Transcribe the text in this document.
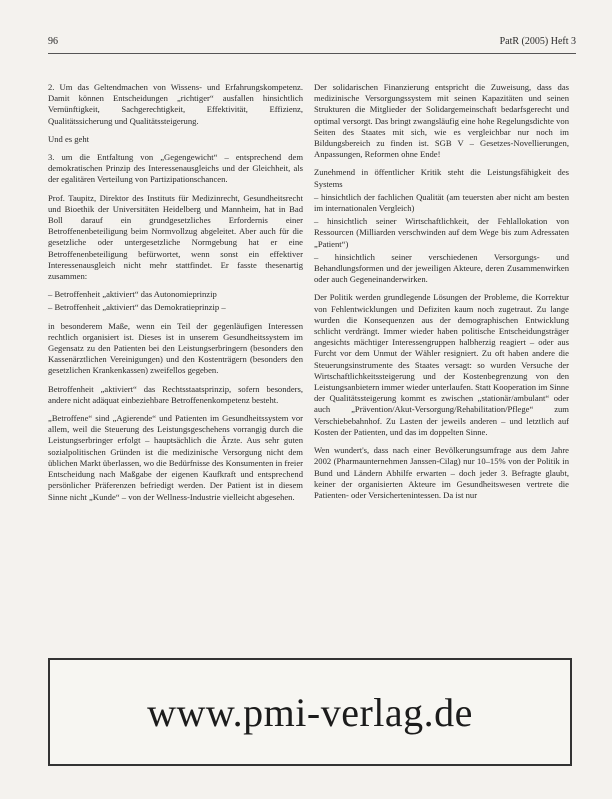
96	PatR (2005) Heft 3

2. Um das Geltendmachen von Wissens- und Erfahrungskompetenz. Damit können Entscheidungen „richtiger“ ausfallen hinsichtlich Vernünftigkeit, Sachgerechtigkeit, Effektivität, Effizienz, Qualitätssicherung und Qualitätssteigerung.

Und es geht

3. um die Entfaltung von „Gegengewicht“ – entsprechend dem demokratischen Prinzip des Interessenausgleichs und der Gleichheit, als der egalitären Verteilung von Partizipationschancen.

Prof. Taupitz, Direktor des Instituts für Medizinrecht, Gesundheitsrecht und Bioethik der Universitäten Heidelberg und Mannheim, hat in Bad Boll darauf ein grundgesetzliches Erfordernis einer Betroffenenbeteiligung beim Normvollzug abgeleitet. Aber auch für die gesetzliche oder untergesetzliche Normgebung hat er eine Betroffenenbeteiligung befürwortet, wenn sonst ein effektiver Interessenausgleich nicht mehr stattfindet. Er fasste thesenartig zusammen:

– Betroffenheit „aktiviert“ das Autonomieprinzip

– Betroffenheit „aktiviert“ das Demokratieprinzip –

in besonderem Maße, wenn ein Teil der gegenläufigen Interessen rechtlich organisiert ist. Dieses ist in unserem Gesundheitssystem im Gegensatz zu den Patienten bei den Leistungserbringern (besonders den Kassenärztlichen Vereinigungen) und den Kostenträgern (besonders den gesetzlichen Krankenkassen) zweifellos gegeben.

Betroffenheit „aktiviert“ das Rechtsstaatsprinzip, sofern besonders, andere nicht adäquat einbeziehbare Betroffenenkompetenz besteht.

„Betroffene“ sind „Agierende“ und Patienten im Gesundheitssystem vor allem, weil die Steuerung des Leistungsgeschehens vorrangig durch die Leistungserbringer erfolgt – hauptsächlich die Ärzte. Aus sehr guten sozialpolitischen Gründen ist die medizinische Versorgung nicht dem üblichen Markt überlassen, wo die Bedürfnisse des Konsumenten in freier Entscheidung nach Maßgabe der eigenen Kaufkraft und entsprechend persönlicher Präferenzen befriedigt werden. Der Patient ist in diesem Sinne nicht „Kunde“ – von der Wellness-Industrie vielleicht abgesehen.

Der solidarischen Finanzierung entspricht die Zuweisung, dass das medizinische Versorgungssystem mit seinen Kapazitäten und seinen Strukturen die Mitglieder der Solidargemeinschaft bedarfsgerecht und optimal versorgt. Das bringt zwangsläufig eine hohe Regelungsdichte von Seiten des Staates mit sich, wie es vergleichbar nur noch im Bildungsbereich zu finden ist. SGB V – Gesetzes-Novellierungen, Anpassungen, Reformen ohne Ende!

Zunehmend in öffentlicher Kritik steht die Leistungsfähigkeit des Systems

– hinsichtlich der fachlichen Qualität (am teuersten aber nicht am besten im internationalen Vergleich)

– hinsichtlich seiner Wirtschaftlichkeit, der Fehlallokation von Ressourcen (Milliarden verschwinden auf dem Wege bis zum Adressaten „Patient“)

– hinsichtlich seiner verschiedenen Versorgungs- und Behandlungsformen und der jeweiligen Akteure, deren Zusammenwirken oder auch Gegeneinanderwirken.

Der Politik werden grundlegende Lösungen der Probleme, die Korrektur von Fehlentwicklungen und Defiziten kaum noch zugetraut. Zu lange wurden die Konsequenzen aus der demographischen Entwicklung schlicht verdrängt. Immer wieder haben politische Entscheidungsträger angesichts mächtiger Interessengruppen halbherzig reagiert – oder aus Furcht vor dem Unmut der Wähler resigniert. Zu oft haben andere die Steuerungsinstrumente des Staates versagt: so wurden Versuche der Wirtschaftlichkeitssteigerung und der Kostenbegrenzung von den Leistungsanbietern immer wieder unterlaufen. Statt Kooperation im Sinne der Qualitätssteigerung kommt es zwischen „stationär/ambulant“ oder auch „Prävention/Akut-Versorgung/Rehabilitation/Pflege“ zum Verschiebebahnhof. Zu Lasten der jeweils anderen – und letztlich auf Kosten der Patienten, und das im doppelten Sinne.

Wen wundert's, dass nach einer Bevölkerungsumfrage aus dem Jahre 2002 (Pharmaunternehmen Janssen-Cilag) nur 10–15% von der Politik in Bund und Ländern Abhilfe erwarten – doch jeder 3. Befragte glaubt, keiner der organisierten Akteure im Gesundheitswesen vertrete die Patienten- oder Versichertenintessen. Da ist nur

www.pmi-verlag.de
